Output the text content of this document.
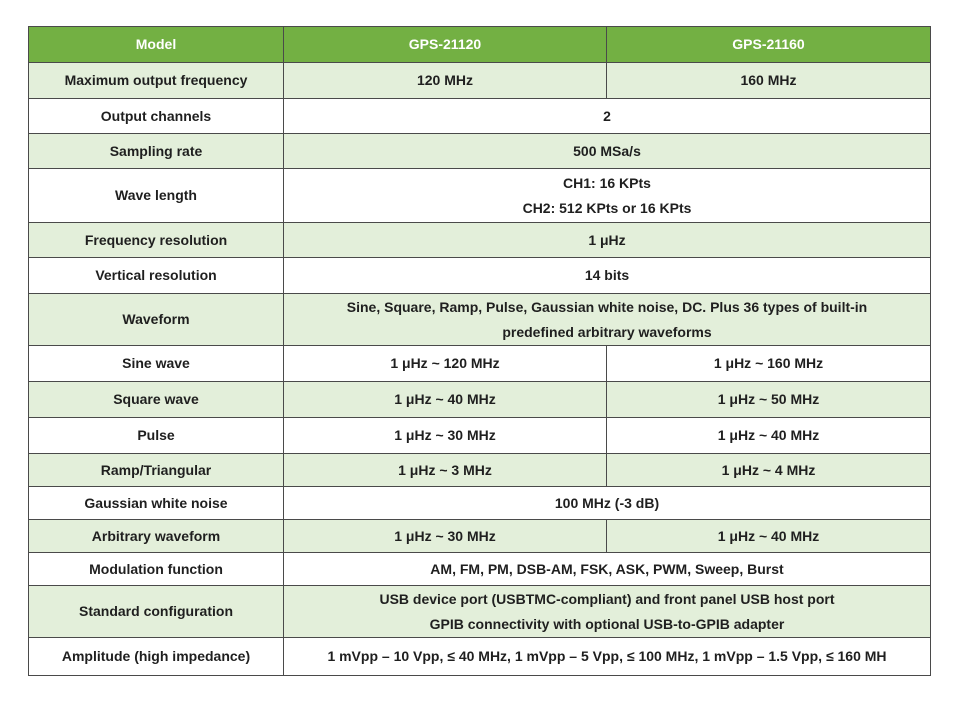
Model	GPS-21120	GPS-21160
Maximum output frequency	120 MHz	160 MHz
Output channels	2	
Sampling rate	500 MSa/s	
Wave length	CH1: 16 KPts
CH2: 512 KPts or 16 KPts	

Frequency resolution	1 μHz	
Vertical resolution	14 bits	
Waveform	Sine, Square, Ramp, Pulse, Gaussian white noise, DC. Plus 36 types of built-in
predefined arbitrary waveforms	

Sine wave	1 μHz ~ 120 MHz	1 μHz ~ 160 MHz
Square wave	1 μHz ~ 40 MHz	1 μHz ~ 50 MHz
Pulse	1 μHz ~ 30 MHz	1 μHz ~ 40 MHz
Ramp/Triangular	1 μHz ~ 3 MHz	1 μHz ~ 4 MHz
Gaussian white noise	100 MHz (-3 dB)	
Arbitrary waveform	1 μHz ~ 30 MHz	1 μHz ~ 40 MHz
Modulation function	AM, FM, PM, DSB-AM, FSK, ASK, PWM, Sweep, Burst	
Standard configuration	USB device port (USBTMC-compliant) and front panel USB host port
GPIB connectivity with optional USB-to-GPIB adapter	

Amplitude (high impedance)	1 mVpp – 10 Vpp, ≤ 40 MHz, 1 mVpp – 5 Vpp, ≤ 100 MHz, 1 mVpp – 1.5 Vpp, ≤ 160 MH	
